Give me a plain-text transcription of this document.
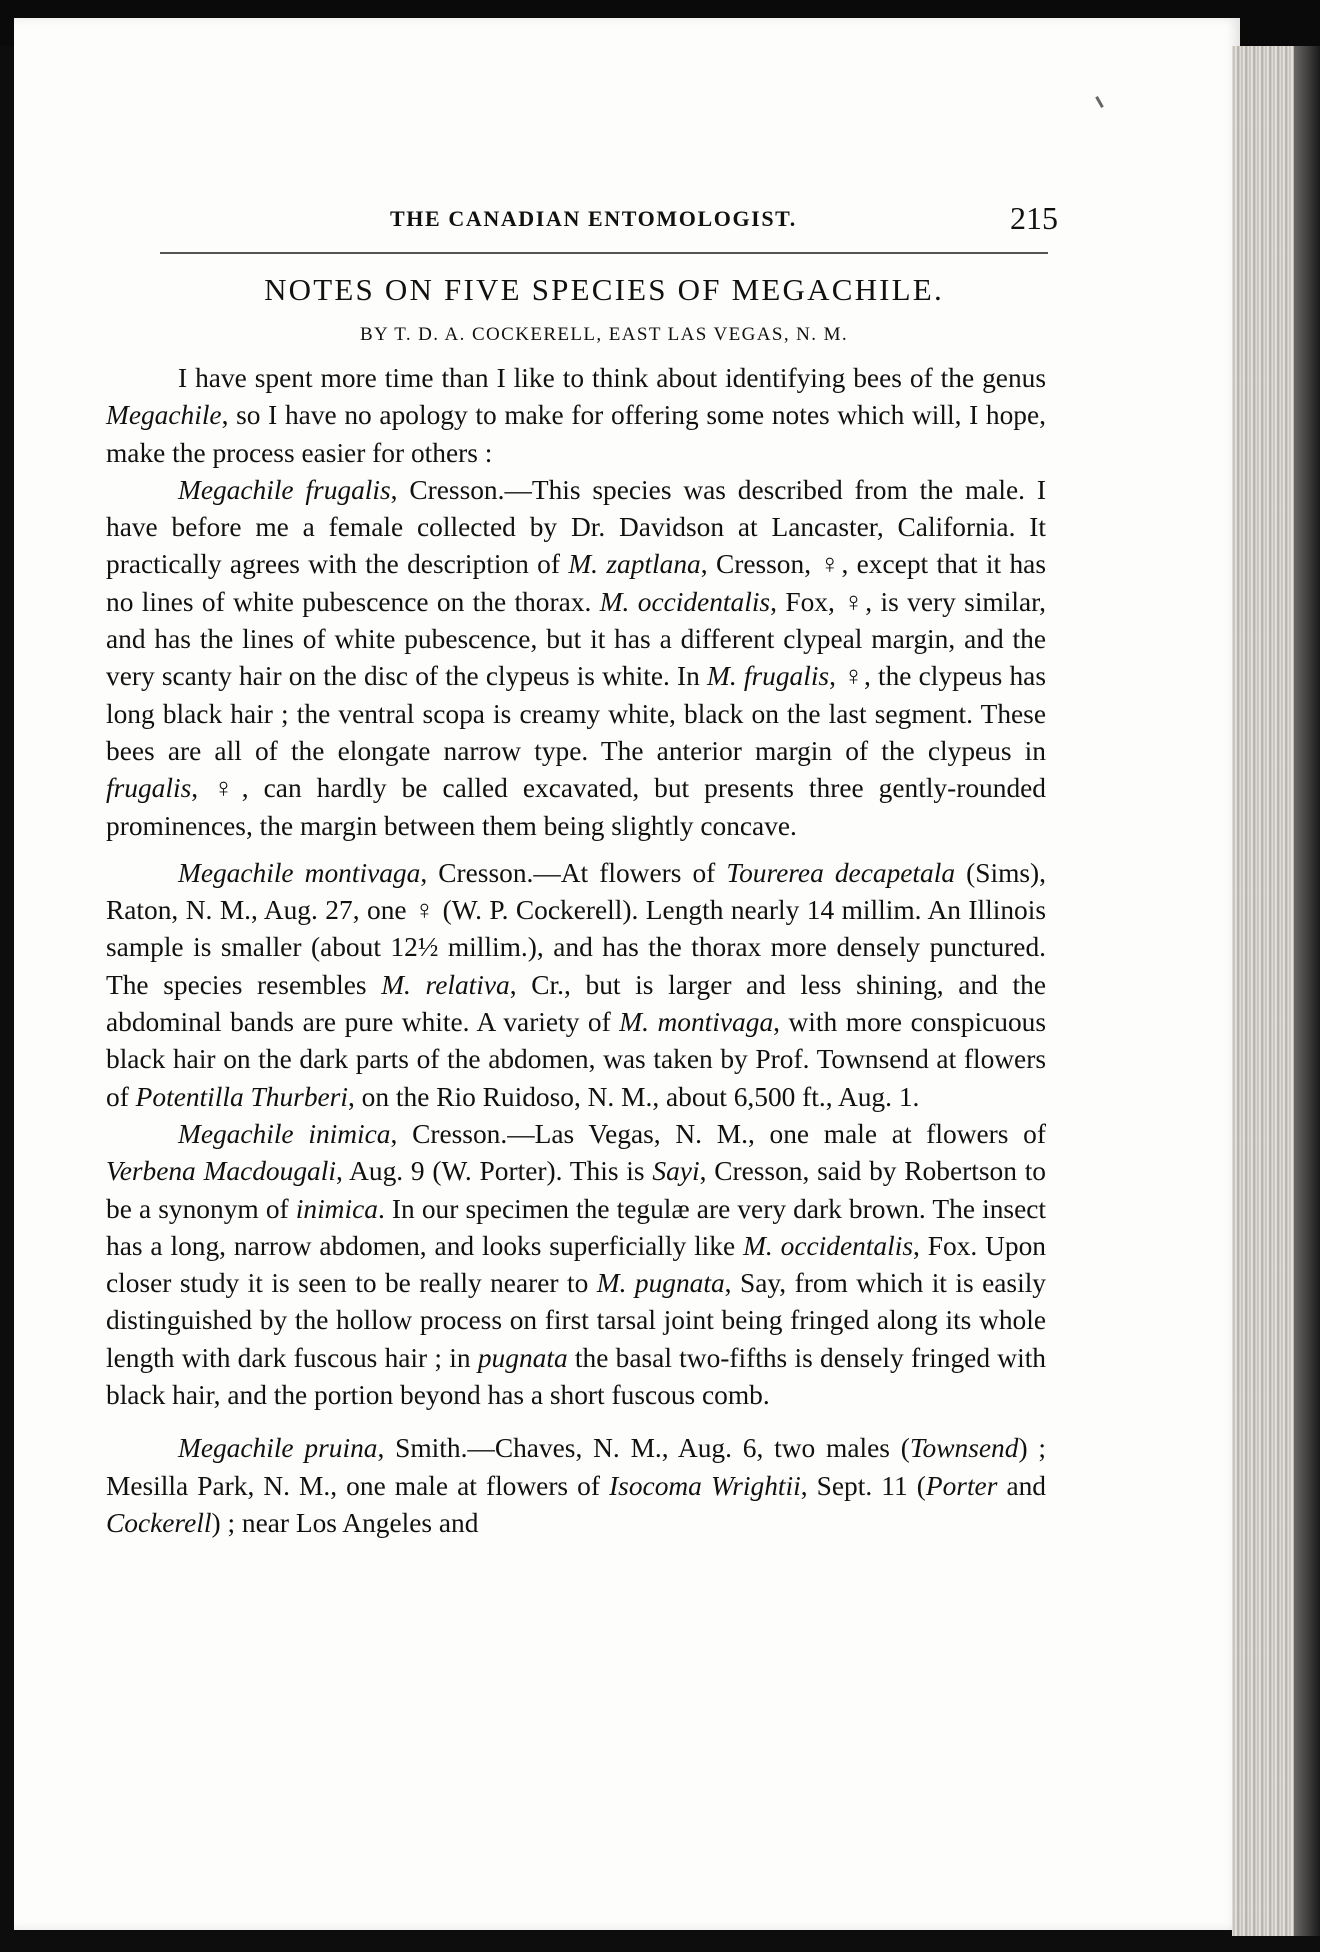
THE CANADIAN ENTOMOLOGIST.	215
NOTES ON FIVE SPECIES OF MEGACHILE.
BY T. D. A. COCKERELL, EAST LAS VEGAS, N. M.

I have spent more time than I like to think about identifying bees of the genus Megachile, so I have no apology to make for offering some notes which will, I hope, make the process easier for others :

Megachile frugalis, Cresson.—This species was described from the male. I have before me a female collected by Dr. Davidson at Lancaster, California. It practically agrees with the description of M. zaptlana, Cresson, ♀, except that it has no lines of white pubescence on the thorax. M. occidentalis, Fox, ♀, is very similar, and has the lines of white pubescence, but it has a different clypeal margin, and the very scanty hair on the disc of the clypeus is white. In M. frugalis, ♀, the clypeus has long black hair ; the ventral scopa is creamy white, black on the last segment. These bees are all of the elongate narrow type. The anterior margin of the clypeus in frugalis, ♀, can hardly be called excavated, but presents three gently-rounded prominences, the margin between them being slightly concave.

Megachile montivaga, Cresson.—At flowers of Tourerea decapetala (Sims), Raton, N. M., Aug. 27, one ♀ (W. P. Cockerell). Length nearly 14 millim. An Illinois sample is smaller (about 12½ millim.), and has the thorax more densely punctured. The species resembles M. relativa, Cr., but is larger and less shining, and the abdominal bands are pure white. A variety of M. montivaga, with more conspicuous black hair on the dark parts of the abdomen, was taken by Prof. Townsend at flowers of Potentilla Thurberi, on the Rio Ruidoso, N. M., about 6,500 ft., Aug. 1.

Megachile inimica, Cresson.—Las Vegas, N. M., one male at flowers of Verbena Macdougali, Aug. 9 (W. Porter). This is Sayi, Cresson, said by Robertson to be a synonym of inimica. In our specimen the tegulæ are very dark brown. The insect has a long, narrow abdomen, and looks superficially like M. occidentalis, Fox. Upon closer study it is seen to be really nearer to M. pugnata, Say, from which it is easily distinguished by the hollow process on first tarsal joint being fringed along its whole length with dark fuscous hair ; in pugnata the basal two-fifths is densely fringed with black hair, and the portion beyond has a short fuscous comb.

Megachile pruina, Smith.—Chaves, N. M., Aug. 6, two males (Townsend) ; Mesilla Park, N. M., one male at flowers of Isocoma Wrightii, Sept. 11 (Porter and Cockerell) ; near Los Angeles and
